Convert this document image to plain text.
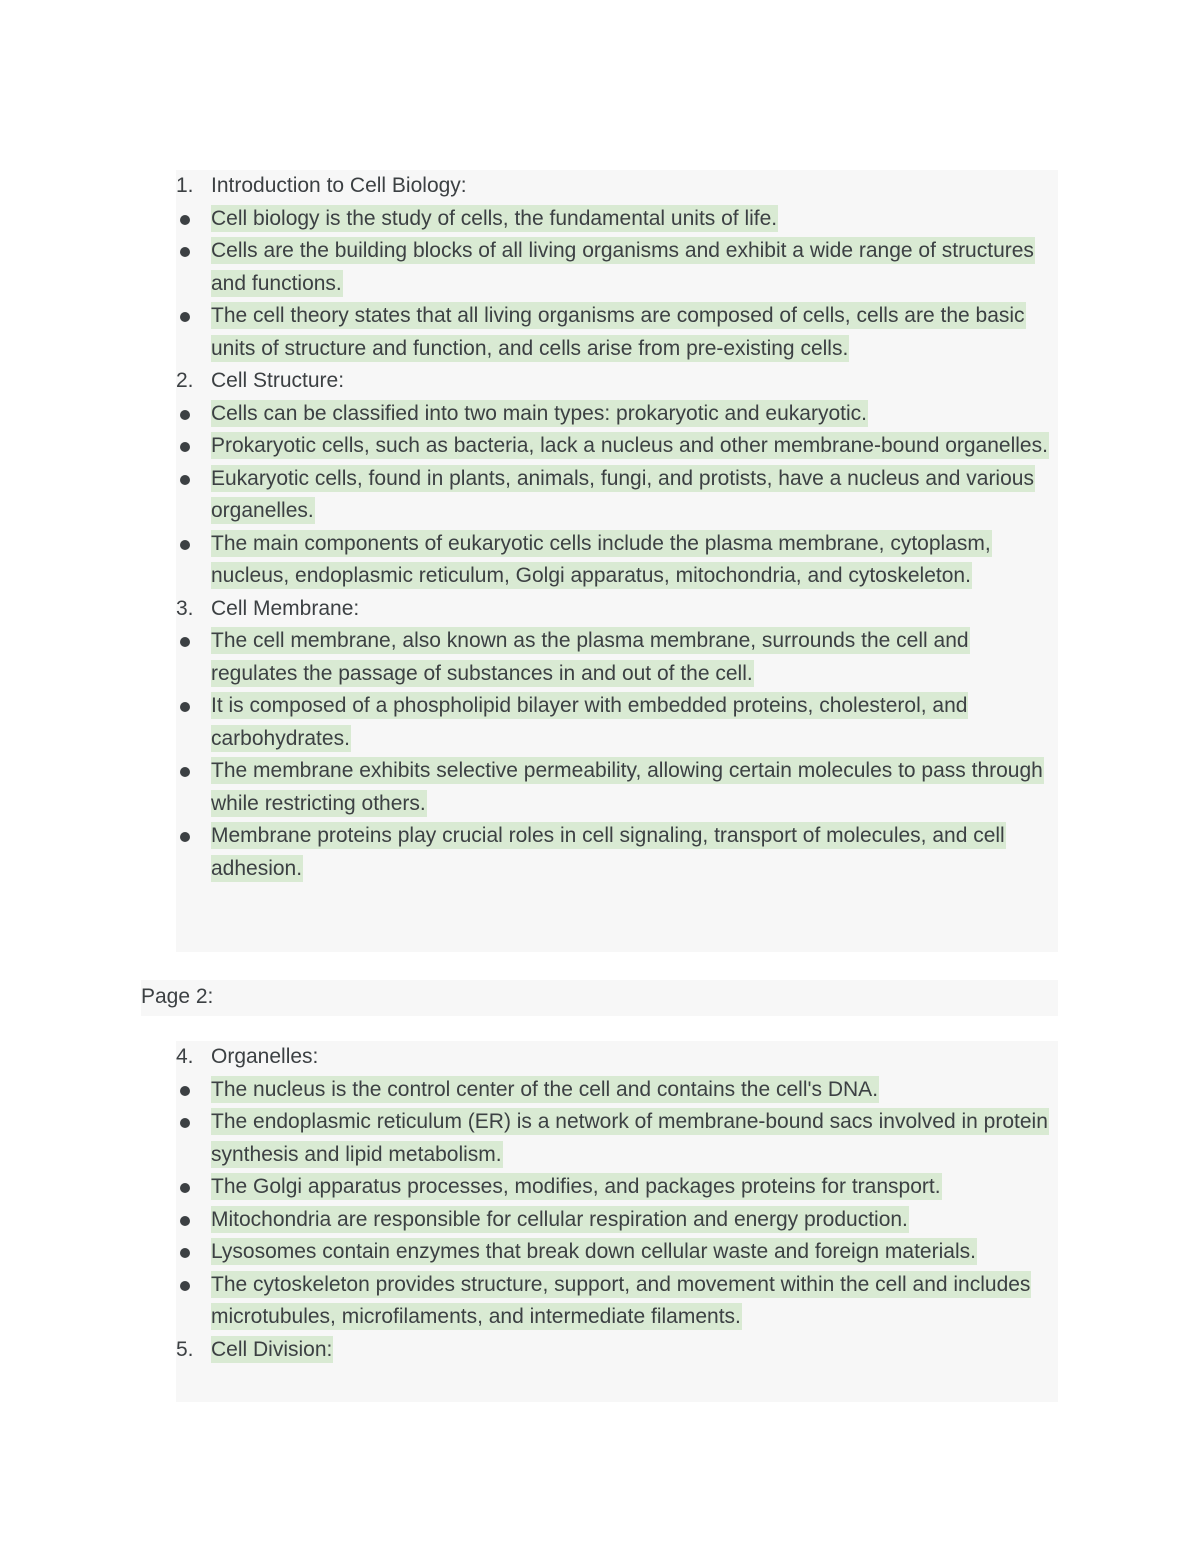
1. Introduction to Cell Biology:
Cell biology is the study of cells, the fundamental units of life.
Cells are the building blocks of all living organisms and exhibit a wide range of structures and functions.
The cell theory states that all living organisms are composed of cells, cells are the basic units of structure and function, and cells arise from pre-existing cells.
2. Cell Structure:
Cells can be classified into two main types: prokaryotic and eukaryotic.
Prokaryotic cells, such as bacteria, lack a nucleus and other membrane-bound organelles.
Eukaryotic cells, found in plants, animals, fungi, and protists, have a nucleus and various organelles.
The main components of eukaryotic cells include the plasma membrane, cytoplasm, nucleus, endoplasmic reticulum, Golgi apparatus, mitochondria, and cytoskeleton.
3. Cell Membrane:
The cell membrane, also known as the plasma membrane, surrounds the cell and regulates the passage of substances in and out of the cell.
It is composed of a phospholipid bilayer with embedded proteins, cholesterol, and carbohydrates.
The membrane exhibits selective permeability, allowing certain molecules to pass through while restricting others.
Membrane proteins play crucial roles in cell signaling, transport of molecules, and cell adhesion.
Page 2:
4. Organelles:
The nucleus is the control center of the cell and contains the cell's DNA.
The endoplasmic reticulum (ER) is a network of membrane-bound sacs involved in protein synthesis and lipid metabolism.
The Golgi apparatus processes, modifies, and packages proteins for transport.
Mitochondria are responsible for cellular respiration and energy production.
Lysosomes contain enzymes that break down cellular waste and foreign materials.
The cytoskeleton provides structure, support, and movement within the cell and includes microtubules, microfilaments, and intermediate filaments.
5. Cell Division:
